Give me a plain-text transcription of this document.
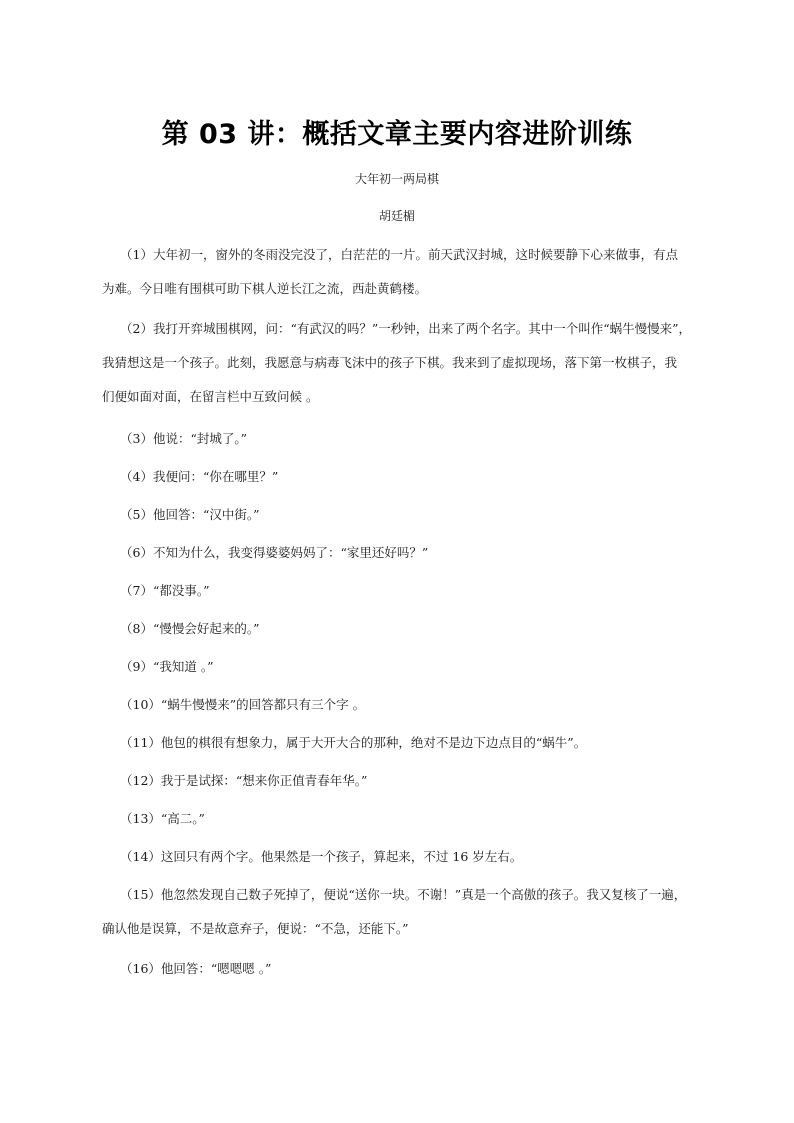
第 03 讲：概括文章主要内容进阶训练
大年初一两局棋
胡廷楣
（1）大年初一，窗外的冬雨没完没了，白茫茫的一片。前天武汉封城，这时候要静下心来做事，有点
为难。今日唯有围棋可助下棋人逆长江之流，西赴黄鹤楼。
（2）我打开弈城围棋网，问：“有武汉的吗？”一秒钟，出来了两个名字。其中一个叫作“蜗牛慢慢来”，
我猜想这是一个孩子。此刻，我愿意与病毒飞沫中的孩子下棋。我来到了虚拟现场，落下第一枚棋子，我
们便如面对面，在留言栏中互致问候 。
（3）他说：“封城了。”
（4）我便问：“你在哪里？”
（5）他回答：“汉中街。”
（6）不知为什么，我变得婆婆妈妈了：“家里还好吗？”
（7）“都没事。”
（8）“慢慢会好起来的。”
（9）“我知道 。”
（10）“蜗牛慢慢来”的回答都只有三个字 。
（11）他包的棋很有想象力，属于大开大合的那种，绝对不是边下边点目的“蜗牛”。
（12）我于是试探：“想来你正值青春年华。”
（13）“高二。”
（14）这回只有两个字。他果然是一个孩子，算起来，不过 16 岁左右。
（15）他忽然发现自己数子死掉了，便说“送你一块。不谢！”真是一个高傲的孩子。我又复核了一遍，
确认他是误算，不是故意弃子，便说：“不急，还能下。”
（16）他回答：“嗯嗯嗯 。”
